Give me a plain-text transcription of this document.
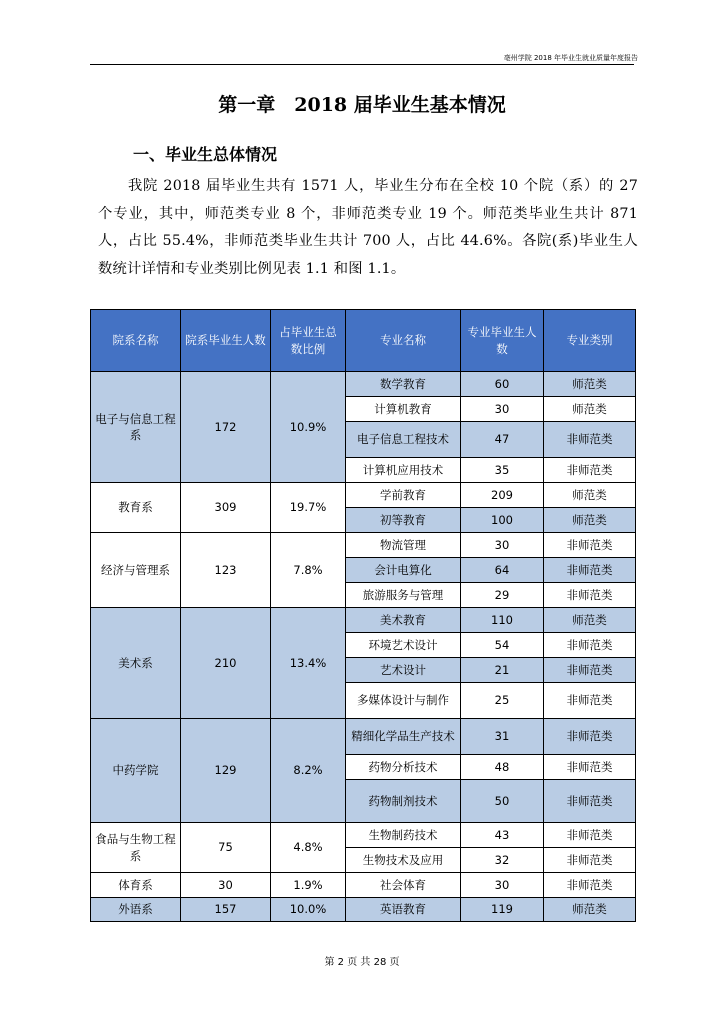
亳州学院 2018 年毕业生就业质量年度报告
第一章　2018 届毕业生基本情况
一、毕业生总体情况
我院 2018 届毕业生共有 1571 人，毕业生分布在全校 10 个院（系）的 27 个专业，其中，师范类专业 8 个，非师范类专业 19 个。师范类毕业生共计 871 人，占比 55.4%，非师范类毕业生共计 700 人，占比 44.6%。各院(系)毕业生人数统计详情和专业类别比例见表 1.1 和图 1.1。
院系名称	院系毕业生人数	占毕业生总数比例	专业名称	专业毕业生人数	专业类别
电子与信息工程系	172	10.9%	数学教育	60	师范类
			计算机教育	30	师范类
			电子信息工程技术	47	非师范类
			计算机应用技术	35	非师范类
教育系	309	19.7%	学前教育	209	师范类
			初等教育	100	师范类
经济与管理系	123	7.8%	物流管理	30	非师范类
			会计电算化	64	非师范类
			旅游服务与管理	29	非师范类
美术系	210	13.4%	美术教育	110	师范类
			环境艺术设计	54	非师范类
			艺术设计	21	非师范类
			多媒体设计与制作	25	非师范类
中药学院	129	8.2%	精细化学品生产技术	31	非师范类
			药物分析技术	48	非师范类
			药物制剂技术	50	非师范类
食品与生物工程系	75	4.8%	生物制药技术	43	非师范类
			生物技术及应用	32	非师范类
体育系	30	1.9%	社会体育	30	非师范类
外语系	157	10.0%	英语教育	119	师范类
第 2 页 共 28 页
